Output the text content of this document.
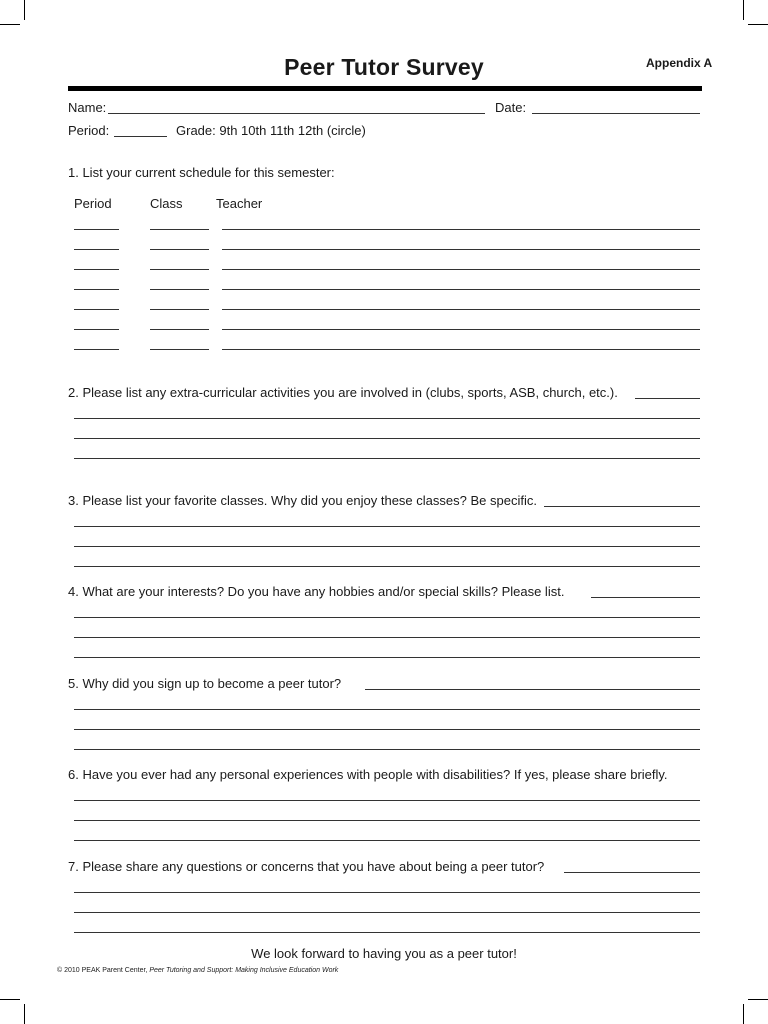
Peer Tutor Survey	Appendix A
Name:	Date:
Period:	Grade: 9th 10th 11th 12th (circle)
1. List your current schedule for this semester:
Period	Class	Teacher
2. Please list any extra-curricular activities you are involved in (clubs, sports, ASB, church, etc.).
3. Please list your favorite classes. Why did you enjoy these classes? Be specific.
4. What are your interests? Do you have any hobbies and/or special skills? Please list.
5. Why did you sign up to become a peer tutor?
6. Have you ever had any personal experiences with people with disabilities? If yes, please share briefly.
7. Please share any questions or concerns that you have about being a peer tutor?
We look forward to having you as a peer tutor!
© 2010 PEAK Parent Center, Peer Tutoring and Support: Making Inclusive Education Work
